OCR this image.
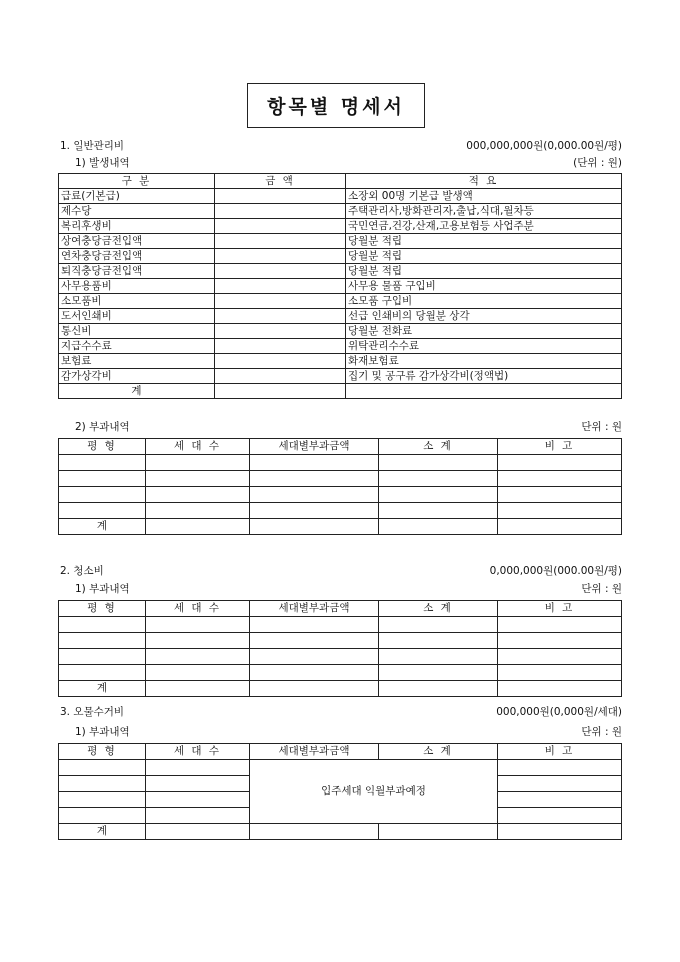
항목별 명세서
1. 일반관리비	000,000,000원(0,000.00원/평)
1) 발생내역	(단위 : 원)
구 분	금 액	적 요
급료(기본급)		소장외 00명 기본급 발생액
제수당		주택관리사,방화관리자,출납,식대,월차등
복리후생비		국민연금,건강,산재,고용보험등 사업주분
상여충당금전입액		당월분 적립
연차충당금전입액		당월분 적립
퇴직충당금전입액		당월분 적립
사무용품비		사무용 물품 구입비
소모품비		소모품 구입비
도서인쇄비		선급 인쇄비의 당월분 상각
통신비		당월분 전화료
지급수수료		위탁관리수수료
보험료		화재보험료
감가상각비		집기 및 공구류 감가상각비(정액법)
계		
2) 부과내역	단위 : 원
평 형	세 대 수	세대별부과금액	소 계	비 고

계				
2. 청소비	0,000,000원(000.00원/평)
1) 부과내역	단위 : 원
평 형	세 대 수	세대별부과금액	소 계	비 고

계				
3. 오물수거비	000,000원(0,000원/세대)
1) 부과내역	단위 : 원
평 형	세 대 수	세대별부과금액	소 계	비 고
		입주세대 익월부과예정		

계				
